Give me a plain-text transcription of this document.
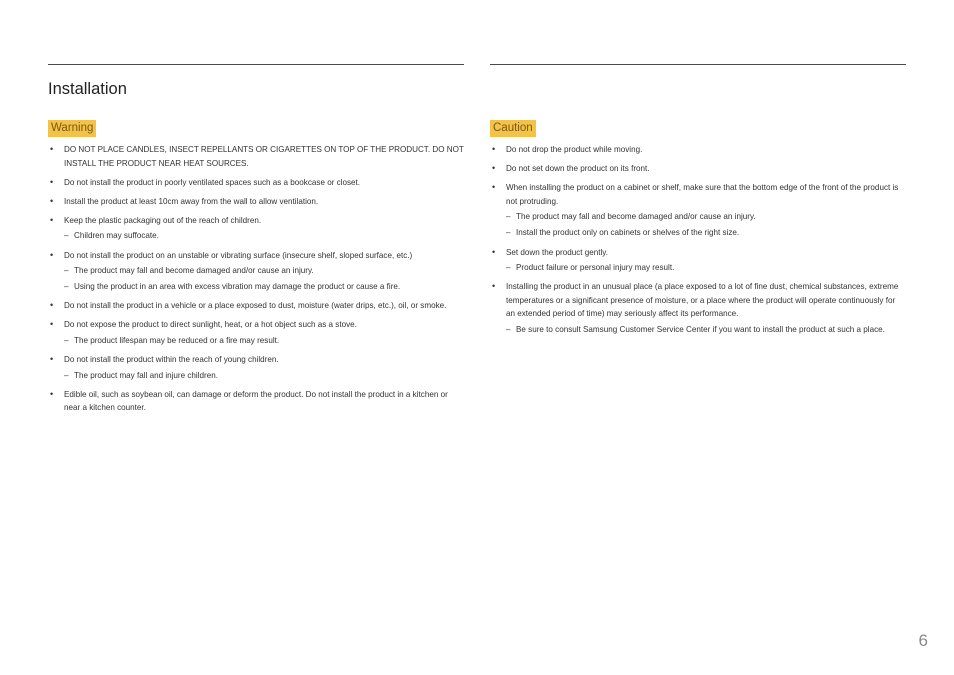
Installation
Warning
• DO NOT PLACE CANDLES, INSECT REPELLANTS OR CIGARETTES ON TOP OF THE PRODUCT. DO NOT INSTALL THE PRODUCT NEAR HEAT SOURCES.
• Do not install the product in poorly ventilated spaces such as a bookcase or closet.
• Install the product at least 10cm away from the wall to allow ventilation.
• Keep the plastic packaging out of the reach of children.
– Children may suffocate.
• Do not install the product on an unstable or vibrating surface (insecure shelf, sloped surface, etc.)
– The product may fall and become damaged and/or cause an injury.
– Using the product in an area with excess vibration may damage the product or cause a fire.
• Do not install the product in a vehicle or a place exposed to dust, moisture (water drips, etc.), oil, or smoke.
• Do not expose the product to direct sunlight, heat, or a hot object such as a stove.
– The product lifespan may be reduced or a fire may result.
• Do not install the product within the reach of young children.
– The product may fall and injure children.
• Edible oil, such as soybean oil, can damage or deform the product. Do not install the product in a kitchen or near a kitchen counter.
Caution
• Do not drop the product while moving.
• Do not set down the product on its front.
• When installing the product on a cabinet or shelf, make sure that the bottom edge of the front of the product is not protruding.
– The product may fall and become damaged and/or cause an injury.
– Install the product only on cabinets or shelves of the right size.
• Set down the product gently.
– Product failure or personal injury may result.
• Installing the product in an unusual place (a place exposed to a lot of fine dust, chemical substances, extreme temperatures or a significant presence of moisture, or a place where the product will operate continuously for an extended period of time) may seriously affect its performance.
– Be sure to consult Samsung Customer Service Center if you want to install the product at such a place.
6
